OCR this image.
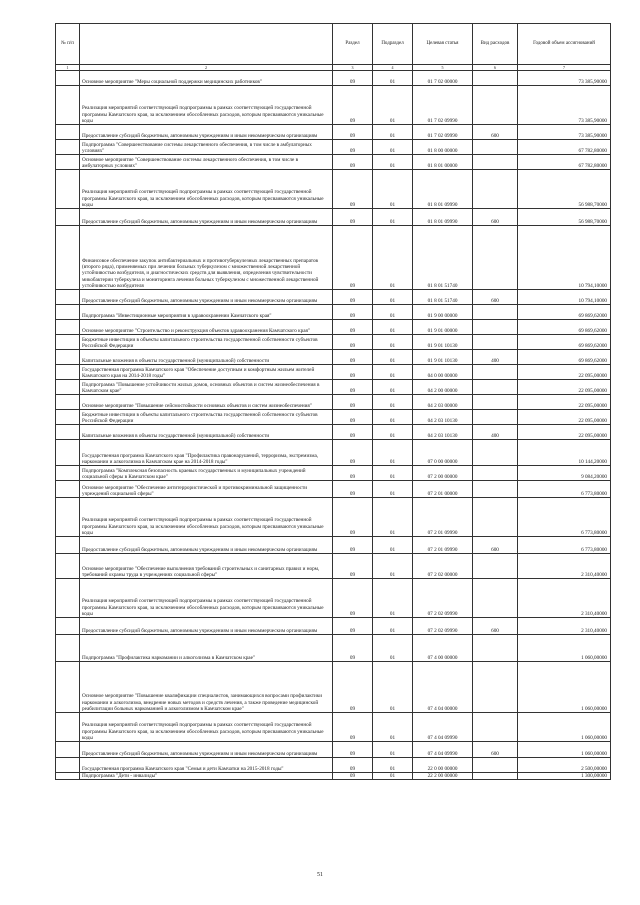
№ п/п		Раздел	Подраздел	Целевая статья	Вид расходов	Годовой объем ассигнований
1	2	3	4	5	6	7
	Основное мероприятие "Меры социальной поддержки медицинских работников"	09	01	01 7 02 00000		73 385,90000
	Реализация мероприятий соответствующей подпрограммы в рамках соответствующей государственной программы Камчатского края, за исключением обособленных расходов, которым присваиваются уникальные коды	09	01	01 7 02 09990		73 385,90000
	Предоставление субсидий бюджетным, автономным учреждениям и иным некоммерческим организациям	09	01	01 7 02 09990	600	73 385,90000
	Подпрограмма "Совершенствование системы лекарственного обеспечения, в том числе в амбулаторных условиях"	09	01	01 8 00 00000		67 782,80000
	Основное мероприятие "Совершенствование системы лекарственного обеспечения, в том числе в амбулаторных условиях"	09	01	01 8 01 00000		67 782,80000
	Реализация мероприятий соответствующей подпрограммы в рамках соответствующей государственной программы Камчатского края, за исключением обособленных расходов, которым присваиваются уникальные коды	09	01	01 8 01 09990		56 988,70000
	Предоставление субсидий бюджетным, автономным учреждениям и иным некоммерческим организациям	09	01	01 8 01 09990	600	56 988,70000
	Финансовое обеспечение закупок антибактериальных и противотуберкулезных лекарственных препаратов (второго ряда), применяемых при лечении больных туберкулезом с множественной лекарственной устойчивостью возбудителя, и диагностических средств для выявления, определения чувствительности микобактерии туберкулеза и мониторинга лечения больных туберкулезом с множественной лекарственной устойчивостью возбудителя	09	01	01 8 01 51740		10 794,10000
	Предоставление субсидий бюджетным, автономным учреждениям и иным некоммерческим организациям	09	01	01 8 01 51740	600	10 794,10000
	Подпрограмма "Инвестиционные мероприятия в здравоохранении Камчатского края"	09	01	01 9 00 00000		69 869,62000
	Основное мероприятие "Строительство и реконструкция объектов здравоохранения Камчатского края"	09	01	01 9 01 00000		69 869,62000
	Бюджетные инвестиции в объекты капитального строительства государственной собственности субъектов Российской Федерации	09	01	01 9 01 10130		69 869,62000
	Капитальные вложения в объекты государственной (муниципальной) собственности	09	01	01 9 01 10130	400	69 869,62000
	Государственная программа Камчатского края "Обеспечение доступным и комфортным жильем жителей Камчатского края на 2014-2018 годы"	09	01	04 0 00 00000		22 095,00000
	Подпрограмма "Повышение устойчивости жилых домов, основных объектов и систем жизнеобеспечения в Камчатском крае"	09	01	04 2 00 00000		22 095,00000
	Основное мероприятие "Повышение сейсмостойкости основных объектов и систем жизнеобеспечения"	09	01	04 2 03 00000		22 095,00000
	Бюджетные инвестиции в объекты капитального строительства государственной собственности субъектов Российской Федерации	09	01	04 2 03 10130		22 095,00000
	Капитальные вложения в объекты государственной (муниципальной) собственности	09	01	04 2 03 10130	400	22 095,00000
	Государственная программа Камчатского края "Профилактика правонарушений, терроризма, экстремизма, наркомании и алкоголизма в Камчатском крае на 2014-2018 годы"	09	01	07 0 00 00000		10 144,20000
	Подпрограмма "Комплексная безопасность краевых государственных и муниципальных учреждений социальной сферы в Камчатском крае"	09	01	07 2 00 00000		9 084,20000
	Основное мероприятие "Обеспечение антитеррористической и противокриминальной защищенности учреждений социальной сферы"	09	01	07 2 01 00000		6 773,80000
	Реализация мероприятий соответствующей подпрограммы в рамках соответствующей государственной программы Камчатского края, за исключением обособленных расходов, которым присваиваются уникальные коды	09	01	07 2 01 09990		6 773,80000
	Предоставление субсидий бюджетным, автономным учреждениям и иным некоммерческим организациям	09	01	07 2 01 09990	600	6 773,80000
	Основное мероприятие "Обеспечение выполнения требований строительных и санитарных правил и норм, требований охраны труда в учреждениях социальной сферы"	09	01	07 2 02 00000		2 310,40000
	Реализация мероприятий соответствующей подпрограммы в рамках соответствующей государственной программы Камчатского края, за исключением обособленных расходов, которым присваиваются уникальные коды	09	01	07 2 02 09990		2 310,40000
	Предоставление субсидий бюджетным, автономным учреждениям и иным некоммерческим организациям	09	01	07 2 02 09990	600	2 310,40000
	Подпрограмма "Профилактика наркомании и алкоголизма в Камчатском крае"	09	01	07 4 00 00000		1 060,00000
	Основное мероприятие "Повышение квалификации специалистов, занимающихся вопросами профилактики наркомании и алкоголизма, внедрение новых методов и средств лечения, а также проведение медицинской реабилитации больных наркоманией и алкоголизмом в Камчатском крае"	09	01	07 4 04 00000		1 060,00000
	Реализация мероприятий соответствующей подпрограммы в рамках соответствующей государственной программы Камчатского края, за исключением обособленных расходов, которым присваиваются уникальные коды	09	01	07 4 04 09990		1 060,00000
	Предоставление субсидий бюджетным, автономным учреждениям и иным некоммерческим организациям	09	01	07 4 04 09990	600	1 060,00000
	Государственная программа Камчатского края "Семья и дети Камчатки на 2015-2018 годы"	09	01	22 0 00 00000		2 500,00000
	Подпрограмма "Дети - инвалиды"	09	01	22 2 00 00000		1 300,00000
51
